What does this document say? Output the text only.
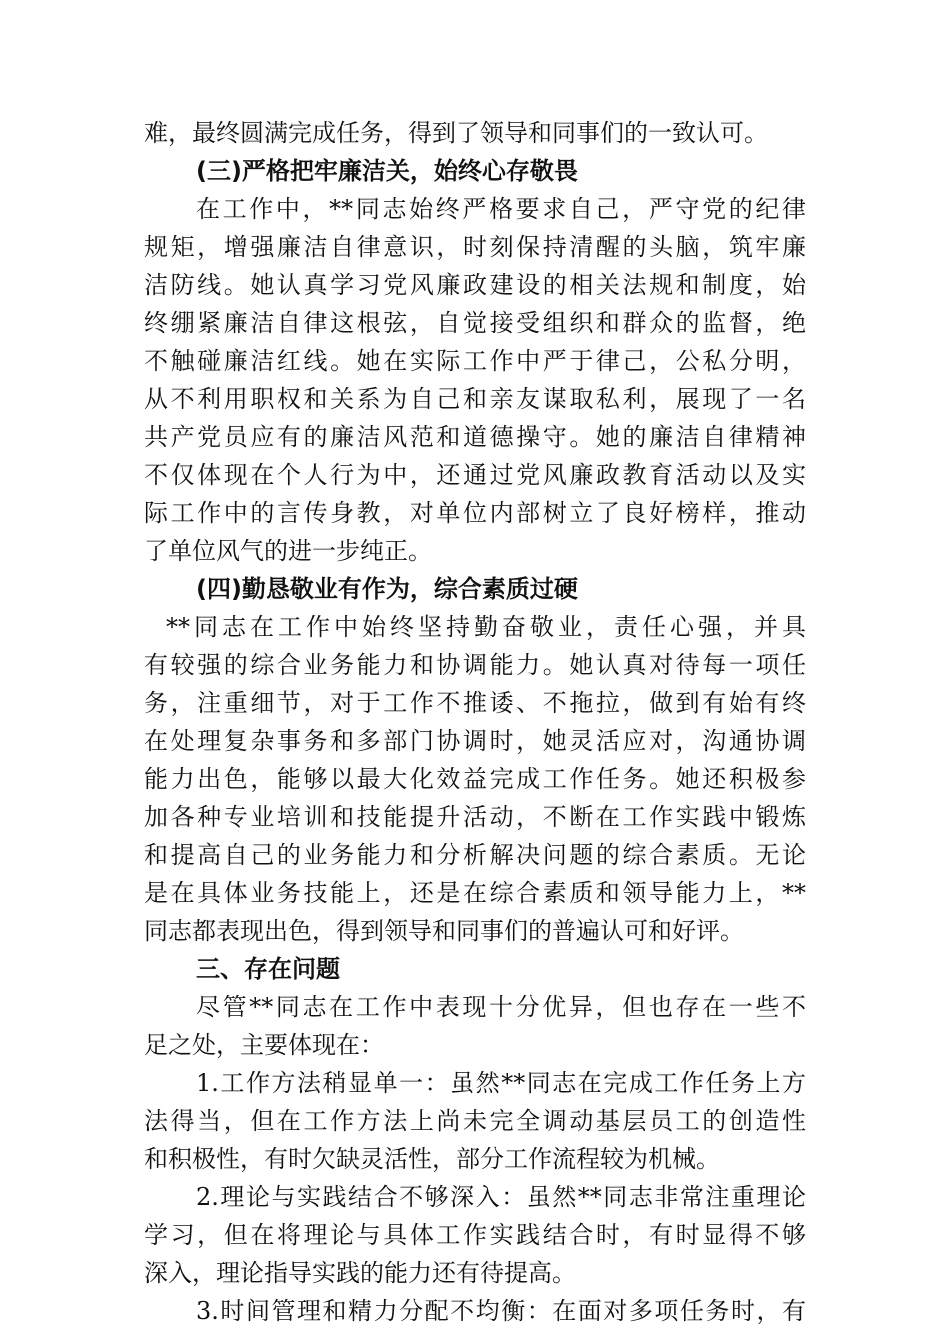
难，最终圆满完成任务，得到了领导和同事们的一致认可。
(三)严格把牢廉洁关，始终心存敬畏
在工作中，**同志始终严格要求自己，严守党的纪律
规矩，增强廉洁自律意识，时刻保持清醒的头脑，筑牢廉
洁防线。她认真学习党风廉政建设的相关法规和制度，始
终绷紧廉洁自律这根弦，自觉接受组织和群众的监督，绝
不触碰廉洁红线。她在实际工作中严于律己，公私分明，
从不利用职权和关系为自己和亲友谋取私利，展现了一名
共产党员应有的廉洁风范和道德操守。她的廉洁自律精神
不仅体现在个人行为中，还通过党风廉政教育活动以及实
际工作中的言传身教，对单位内部树立了良好榜样，推动
了单位风气的进一步纯正。
(四)勤恳敬业有作为，综合素质过硬
**同志在工作中始终坚持勤奋敬业，责任心强，并具
有较强的综合业务能力和协调能力。她认真对待每一项任
务，注重细节，对于工作不推诿、不拖拉，做到有始有终
在处理复杂事务和多部门协调时，她灵活应对，沟通协调
能力出色，能够以最大化效益完成工作任务。她还积极参
加各种专业培训和技能提升活动，不断在工作实践中锻炼
和提高自己的业务能力和分析解决问题的综合素质。无论
是在具体业务技能上，还是在综合素质和领导能力上，**
同志都表现出色，得到领导和同事们的普遍认可和好评。
三、存在问题
尽管**同志在工作中表现十分优异，但也存在一些不
足之处，主要体现在：
1.工作方法稍显单一：虽然**同志在完成工作任务上方
法得当，但在工作方法上尚未完全调动基层员工的创造性
和积极性，有时欠缺灵活性，部分工作流程较为机械。
2.理论与实践结合不够深入：虽然**同志非常注重理论
学习，但在将理论与具体工作实践结合时，有时显得不够
深入，理论指导实践的能力还有待提高。
3.时间管理和精力分配不均衡：在面对多项任务时，有
